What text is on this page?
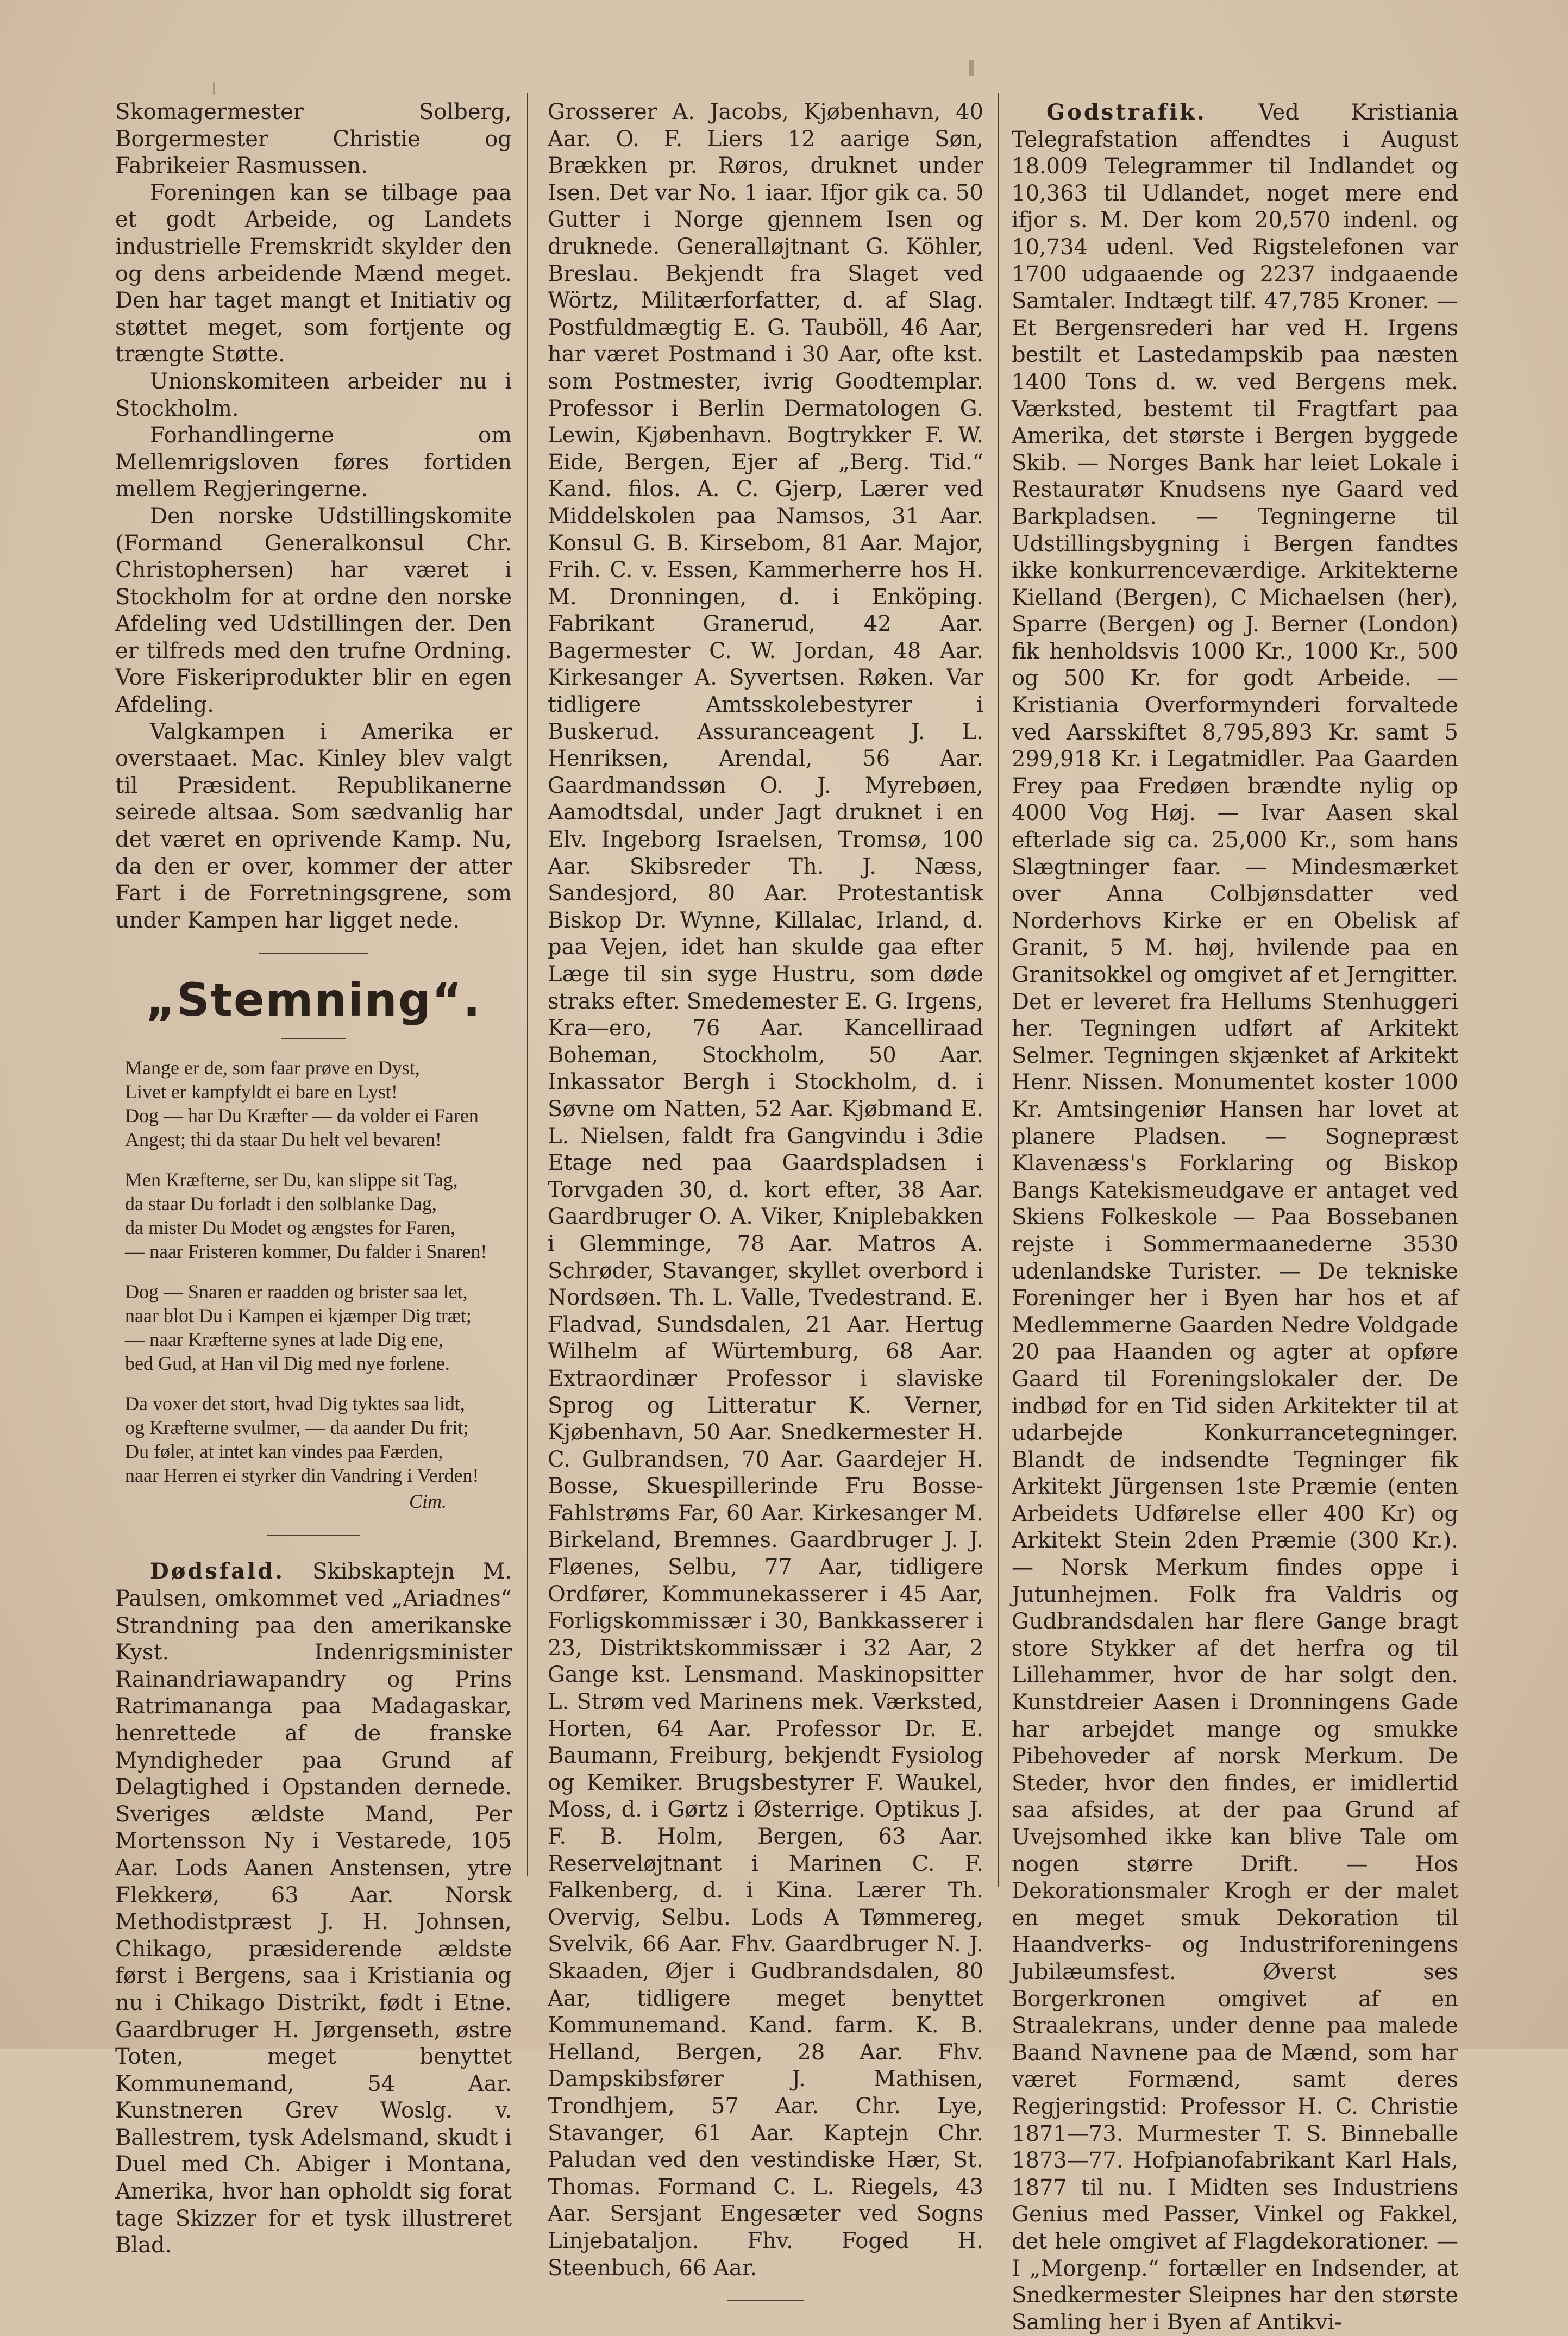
Skomagermester Solberg, Borgermester Christie og Fabrikeier Rasmussen.

Foreningen kan se tilbage paa et godt Arbeide, og Landets industrielle Fremskridt skylder den og dens arbeidende Mænd meget. Den har taget mangt et Initiativ og støttet meget, som fortjente og trængte Støtte.

Unionskomiteen arbeider nu i Stockholm.

Forhandlingerne om Mellemrigsloven føres fortiden mellem Regjeringerne.

Den norske Udstillingskomite (Formand Generalkonsul Chr. Christophersen) har været i Stockholm for at ordne den norske Afdeling ved Udstillingen der. Den er tilfreds med den trufne Ordning. Vore Fiskeriprodukter blir en egen Afdeling.

Valgkampen i Amerika er overstaaet. Mac. Kinley blev valgt til Præsident. Republikanerne seirede altsaa. Som sædvanlig har det været en oprivende Kamp. Nu, da den er over, kommer der atter Fart i de Forretningsgrene, som under Kampen har ligget nede.

„Stemning“.
Mange er de, som faar prøve en Dyst,
Livet er kampfyldt ei bare en Lyst!
Dog — har Du Kræfter — da volder ei Faren
Angest; thi da staar Du helt vel bevaren!
Men Kræfterne, ser Du, kan slippe sit Tag,
da staar Du forladt i den solblanke Dag,
da mister Du Modet og ængstes for Faren,
— naar Fristeren kommer, Du falder i Snaren!
Dog — Snaren er raadden og brister saa let,
naar blot Du i Kampen ei kjæmper Dig træt;
— naar Kræfterne synes at lade Dig ene,
bed Gud, at Han vil Dig med nye forlene.
Da voxer det stort, hvad Dig tyktes saa lidt,
og Kræfterne svulmer, — da aander Du frit;
Du føler, at intet kan vindes paa Færden,
naar Herren ei styrker din Vandring i Verden!
Cim.

Dødsfald. Skibskaptejn M. Paulsen, omkommet ved „Ariadnes“ Strandning paa den amerikanske Kyst. Indenrigsminister Rainandriawapandry og Prins Ratrimananga paa Madagaskar, henrettede af de franske Myndigheder paa Grund af Delagtighed i Opstanden dernede. Sveriges ældste Mand, Per Mortensson Ny i Vestarede, 105 Aar. Lods Aanen Anstensen, ytre Flekkerø, 63 Aar. Norsk Methodistpræst J. H. Johnsen, Chikago, præsiderende ældste først i Bergens, saa i Kristiania og nu i Chikago Distrikt, født i Etne. Gaardbruger H. Jørgenseth, østre Toten, meget benyttet Kommunemand, 54 Aar. Kunstneren Grev Woslg. v. Ballestrem, tysk Adelsmand, skudt i Duel med Ch. Abiger i Montana, Amerika, hvor han opholdt sig forat tage Skizzer for et tysk illustreret Blad.

Grosserer A. Jacobs, Kjøbenhavn, 40 Aar. O. F. Liers 12 aarige Søn, Brækken pr. Røros, druknet under Isen. Det var No. 1 iaar. Ifjor gik ca. 50 Gutter i Norge gjennem Isen og druknede. Generalløjtnant G. Köhler, Breslau. Bekjendt fra Slaget ved Wörtz, Militærforfatter, d. af Slag. Postfuldmægtig E. G. Tauböll, 46 Aar, har været Postmand i 30 Aar, ofte kst. som Postmester, ivrig Goodtemplar. Professor i Berlin Dermatologen G. Lewin, Kjøbenhavn. Bogtrykker F. W. Eide, Bergen, Ejer af „Berg. Tid.“ Kand. filos. A. C. Gjerp, Lærer ved Middelskolen paa Namsos, 31 Aar. Konsul G. B. Kirsebom, 81 Aar. Major, Frih. C. v. Essen, Kammerherre hos H. M. Dronningen, d. i Enköping. Fabrikant Granerud, 42 Aar. Bagermester C. W. Jordan, 48 Aar. Kirkesanger A. Syvertsen. Røken. Var tidligere Amtsskolebestyrer i Buskerud. Assuranceagent J. L. Henriksen, Arendal, 56 Aar. Gaardmandssøn O. J. Myrebøen, Aamodtsdal, under Jagt druknet i en Elv. Ingeborg Israelsen, Tromsø, 100 Aar. Skibsreder Th. J. Næss, Sandesjord, 80 Aar. Protestantisk Biskop Dr. Wynne, Killalac, Irland, d. paa Vejen, idet han skulde gaa efter Læge til sin syge Hustru, som døde straks efter. Smedemester E. G. Irgens, Kra—ero, 76 Aar. Kancelliraad Boheman, Stockholm, 50 Aar. Inkassator Bergh i Stockholm, d. i Søvne om Natten, 52 Aar. Kjøbmand E. L. Nielsen, faldt fra Gangvindu i 3die Etage ned paa Gaardspladsen i Torvgaden 30, d. kort efter, 38 Aar. Gaardbruger O. A. Viker, Kniplebakken i Glemminge, 78 Aar. Matros A. Schrøder, Stavanger, skyllet overbord i Nordsøen. Th. L. Valle, Tvedestrand. E. Fladvad, Sundsdalen, 21 Aar. Hertug Wilhelm af Würtemburg, 68 Aar. Extraordinær Professor i slaviske Sprog og Litteratur K. Verner, Kjøbenhavn, 50 Aar. Snedkermester H. C. Gulbrandsen, 70 Aar. Gaardejer H. Bosse, Skuespillerinde Fru Bosse-Fahlstrøms Far, 60 Aar. Kirkesanger M. Birkeland, Bremnes. Gaardbruger J. J. Fløenes, Selbu, 77 Aar, tidligere Ordfører, Kommunekasserer i 45 Aar, Forligskommissær i 30, Bankkasserer i 23, Distriktskommissær i 32 Aar, 2 Gange kst. Lensmand. Maskinopsitter L. Strøm ved Marinens mek. Værksted, Horten, 64 Aar. Professor Dr. E. Baumann, Freiburg, bekjendt Fysiolog og Kemiker. Brugsbestyrer F. Waukel, Moss, d. i Gørtz i Østerrige. Optikus J. F. B. Holm, Bergen, 63 Aar. Reserveløjtnant i Marinen C. F. Falkenberg, d. i Kina. Lærer Th. Overvig, Selbu. Lods A Tømmereg, Svelvik, 66 Aar. Fhv. Gaardbruger N. J. Skaaden, Øjer i Gudbrandsdalen, 80 Aar, tidligere meget benyttet Kommunemand. Kand. farm. K. B. Helland, Bergen, 28 Aar. Fhv. Dampskibsfører J. Mathisen, Trondhjem, 57 Aar. Chr. Lye, Stavanger, 61 Aar. Kaptejn Chr. Paludan ved den vestindiske Hær, St. Thomas. Formand C. L. Riegels, 43 Aar. Sersjant Engesæter ved Sogns Linjebataljon. Fhv. Foged H. Steenbuch, 66 Aar.

Godstrafik. Ved Kristiania Telegrafstation affendtes i August 18.009 Telegrammer til Indlandet og 10,363 til Udlandet, noget mere end ifjor s. M. Der kom 20,570 indenl. og 10,734 udenl. Ved Rigstelefonen var 1700 udgaaende og 2237 indgaaende Samtaler. Indtægt tilf. 47,785 Kroner. — Et Bergensrederi har ved H. Irgens bestilt et Lastedampskib paa næsten 1400 Tons d. w. ved Bergens mek. Værksted, bestemt til Fragtfart paa Amerika, det største i Bergen byggede Skib. — Norges Bank har leiet Lokale i Restauratør Knudsens nye Gaard ved Barkpladsen. — Tegningerne til Udstillingsbygning i Bergen fandtes ikke konkurrenceværdige. Arkitekterne Kielland (Bergen), C Michaelsen (her), Sparre (Bergen) og J. Berner (London) fik henholdsvis 1000 Kr., 1000 Kr., 500 og 500 Kr. for godt Arbeide. — Kristiania Overformynderi forvaltede ved Aarsskiftet 8,795,893 Kr. samt 5 299,918 Kr. i Legatmidler. Paa Gaarden Frey paa Fredøen brændte nylig op 4000 Vog Høj. — Ivar Aasen skal efterlade sig ca. 25,000 Kr., som hans Slægtninger faar. — Mindesmærket over Anna Colbjønsdatter ved Norderhovs Kirke er en Obelisk af Granit, 5 M. høj, hvilende paa en Granitsokkel og omgivet af et Jerngitter. Det er leveret fra Hellums Stenhuggeri her. Tegningen udført af Arkitekt Selmer. Tegningen skjænket af Arkitekt Henr. Nissen. Monumentet koster 1000 Kr. Amtsingeniør Hansen har lovet at planere Pladsen. — Sognepræst Klavenæss's Forklaring og Biskop Bangs Katekismeudgave er antaget ved Skiens Folkeskole — Paa Bossebanen rejste i Sommermaanederne 3530 udenlandske Turister. — De tekniske Foreninger her i Byen har hos et af Medlemmerne Gaarden Nedre Voldgade 20 paa Haanden og agter at opføre Gaard til Foreningslokaler der. De indbød for en Tid siden Arkitekter til at udarbejde Konkurrancetegninger. Blandt de indsendte Tegninger fik Arkitekt Jürgensen 1ste Præmie (enten Arbeidets Udførelse eller 400 Kr) og Arkitekt Stein 2den Præmie (300 Kr.). — Norsk Merkum findes oppe i Jutunhejmen. Folk fra Valdris og Gudbrandsdalen har flere Gange bragt store Stykker af det herfra og til Lillehammer, hvor de har solgt den. Kunstdreier Aasen i Dronningens Gade har arbejdet mange og smukke Pibehoveder af norsk Merkum. De Steder, hvor den findes, er imidlertid saa afsides, at der paa Grund af Uvejsomhed ikke kan blive Tale om nogen større Drift. — Hos Dekorationsmaler Krogh er der malet en meget smuk Dekoration til Haandverks- og Industriforeningens Jubilæumsfest. Øverst ses Borgerkronen omgivet af en Straalekrans, under denne paa malede Baand Navnene paa de Mænd, som har været Formænd, samt deres Regjeringstid: Professor H. C. Christie 1871—73. Murmester T. S. Binneballe 1873—77. Hofpianofabrikant Karl Hals, 1877 til nu. I Midten ses Industriens Genius med Passer, Vinkel og Fakkel, det hele omgivet af Flagdekorationer. — I „Morgenp.“ fortæller en Indsender, at Snedkermester Sleipnes har den største Samling her i Byen af Antikvi-
